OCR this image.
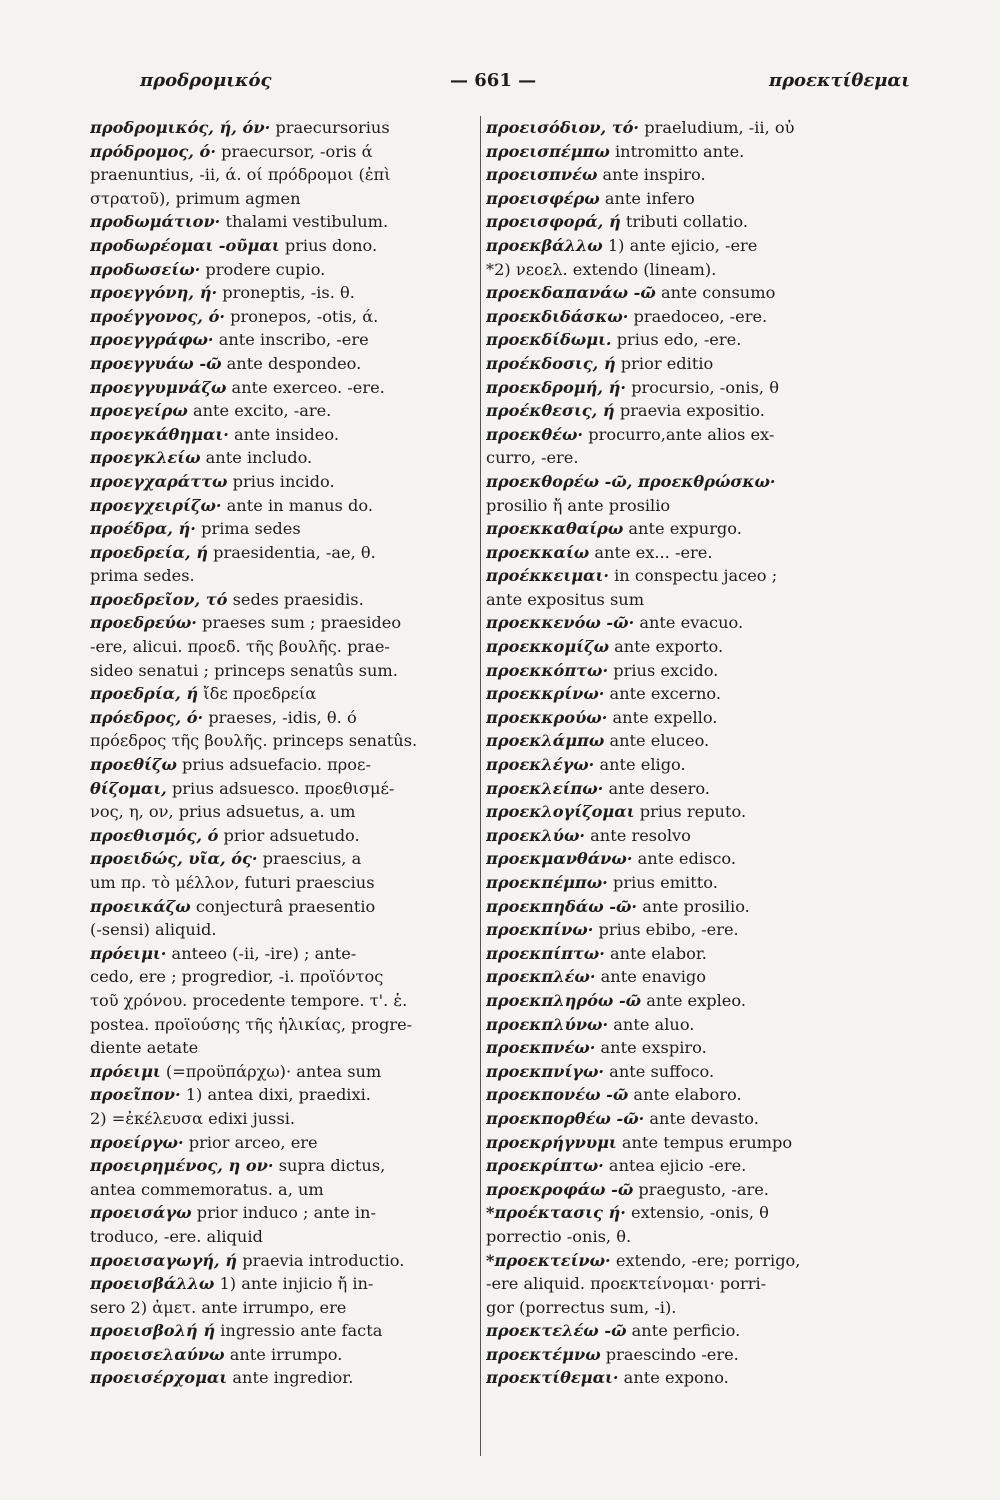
προδρομικός	— 661 —	προεκτίθεμαι
προδρομικός, ή, όν· praecursorius
πρόδρομος, ό· praecursor, -oris ά
praenuntius, -ii, ά. οί πρόδρομοι (ἐπὶ
στρατοῦ), primum agmen
προδωμάτιον· thalami vestibulum.
προδωρέομαι -οῦμαι prius dono.
προδωσείω· prodere cupio.
προεγγόνη, ή· proneptis, -is. θ.
προέγγονος, ό· pronepos, -otis, ά.
προεγγράφω· ante inscribo, -ere
προεγγυάω -ῶ ante despondeo.
προεγγυμνάζω ante exerceo. -ere.
προεγείρω ante excito, -are.
προεγκάθημαι· ante insideo.
προεγκλείω ante includo.
προεγχαράττω prius incido.
προεγχειρίζω· ante in manus do.
προέδρα, ή· prima sedes
προεδρεία, ή praesidentia, -ae, θ.
prima sedes.
προεδρεῖον, τό sedes praesidis.
προεδρεύω· praeses sum ; praesideo
-ere, alicui. προεδ. τῆς βουλῆς. prae-
sideo senatui ; princeps senatûs sum.
προεδρία, ή ἴδε προεδρεία
πρόεδρος, ό· praeses, -idis, θ. ό
πρόεδρος τῆς βουλῆς. princeps senatûs.
προεθίζω prius adsuefacio. προε-
θίζομαι, prius adsuesco. προεθισμέ-
νος, η, ον, prius adsuetus, a. um
προεθισμός, ό prior adsuetudo.
προειδώς, υῖα, ός· praescius, a
um πρ. τὸ μέλλον, futuri praescius
προεικάζω conjecturâ praesentio
(-sensi) aliquid.
πρόειμι· anteeo (-ii, -ire) ; ante-
cedo, ere ; progredior, -i. προϊόντος
τοῦ χρόνου. procedente tempore. τ'. ἑ.
postea. προϊούσης τῆς ἡλικίας, progre-
diente aetate
πρόειμι (=προϋπάρχω)· antea sum
προεῖπον· 1) antea dixi, praedixi.
2) =ἐκέλευσα edixi jussi.
προείργω· prior arceo, ere
προειρημένος, η ον· supra dictus,
antea commemoratus. a, um
προεισάγω prior induco ; ante in-
troduco, -ere. aliquid
προεισαγωγή, ή praevia introductio.
προεισβάλλω 1) ante injicio ἤ in-
sero 2) ἀμετ. ante irrumpo, ere
προεισβολή ή ingressio ante facta
προεισελαύνω ante irrumpo.
προεισέρχομαι ante ingredior.
προεισόδιον, τό· praeludium, -ii, οὐ
προεισπέμπω intromitto ante.
προεισπνέω ante inspiro.
προεισφέρω ante infero
προεισφορά, ή tributi collatio.
προεκβάλλω 1) ante ejicio, -ere
*2) νεοελ. extendo (lineam).
προεκδαπανάω -ῶ ante consumo
προεκδιδάσκω· praedoceo, -ere.
προεκδίδωμι. prius edo, -ere.
προέκδοσις, ή prior editio
προεκδρομή, ή· procursio, -onis, θ
προέκθεσις, ή praevia expositio.
προεκθέω· procurro,ante alios ex-
curro, -ere.
προεκθορέω -ῶ, προεκθρώσκω·
prosilio ἤ ante prosilio
προεκκαθαίρω ante expurgo.
προεκκαίω ante ex... -ere.
προέκκειμαι· in conspectu jaceo ;
ante expositus sum
προεκκενόω -ῶ· ante evacuo.
προεκκομίζω ante exporto.
προεκκόπτω· prius excido.
προεκκρίνω· ante excerno.
προεκκρούω· ante expello.
προεκλάμπω ante eluceo.
προεκλέγω· ante eligo.
προεκλείπω· ante desero.
προεκλογίζομαι prius reputo.
προεκλύω· ante resolvo
προεκμανθάνω· ante edisco.
προεκπέμπω· prius emitto.
προεκπηδάω -ῶ· ante prosilio.
προεκπίνω· prius ebibo, -ere.
προεκπίπτω· ante elabor.
προεκπλέω· ante enavigo
προεκπληρόω -ῶ ante expleo.
προεκπλύνω· ante aluo.
προεκπνέω· ante exspiro.
προεκπνίγω· ante suffoco.
προεκπονέω -ῶ ante elaboro.
προεκπορθέω -ῶ· ante devasto.
προεκρήγνυμι ante tempus erumpo
προεκρίπτω· antea ejicio -ere.
προεκροφάω -ῶ praegusto, -are.
*προέκτασις ή· extensio, -onis, θ
porrectio -onis, θ.
*προεκτείνω· extendo, -ere; porrigo,
-ere aliquid. προεκτείνομαι· porri-
gor (porrectus sum, -i).
προεκτελέω -ῶ ante perficio.
προεκτέμνω praescindo -ere.
προεκτίθεμαι· ante expono.
